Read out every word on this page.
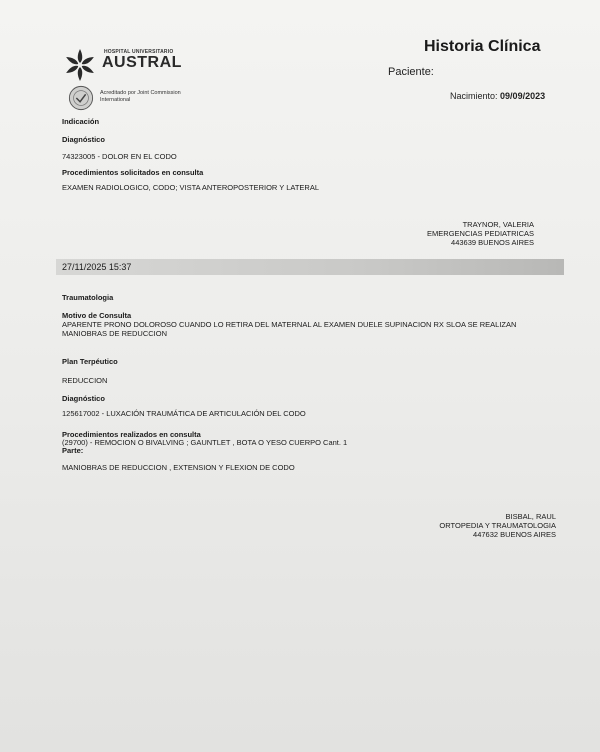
HOSPITAL UNIVERSITARIO
AUSTRAL
Acreditado por Joint Commission International
Historia Clínica
Paciente:
Nacimiento: 09/09/2023
Indicación
Diagnóstico
74323005 - DOLOR EN EL CODO
Procedimientos solicitados en consulta
EXAMEN RADIOLOGICO, CODO; VISTA ANTEROPOSTERIOR Y LATERAL
TRAYNOR, VALERIA
EMERGENCIAS PEDIATRICAS
443639 BUENOS AIRES
27/11/2025 15:37
Traumatologia
Motivo de Consulta
APARENTE PRONO DOLOROSO CUANDO LO RETIRA DEL MATERNAL AL EXAMEN DUELE SUPINACION RX SLOA SE REALIZAN MANIOBRAS DE REDUCCION
Plan Terpéutico
REDUCCION
Diagnóstico
125617002 - LUXACIÓN TRAUMÁTICA DE ARTICULACIÓN DEL CODO
Procedimientos realizados en consulta
(29700) - REMOCION O BIVALVING ; GAUNTLET , BOTA O YESO CUERPO Cant. 1
Parte:
MANIOBRAS DE REDUCCION , EXTENSION Y FLEXION DE CODO
BISBAL, RAUL
ORTOPEDIA Y TRAUMATOLOGIA
447632 BUENOS AIRES
